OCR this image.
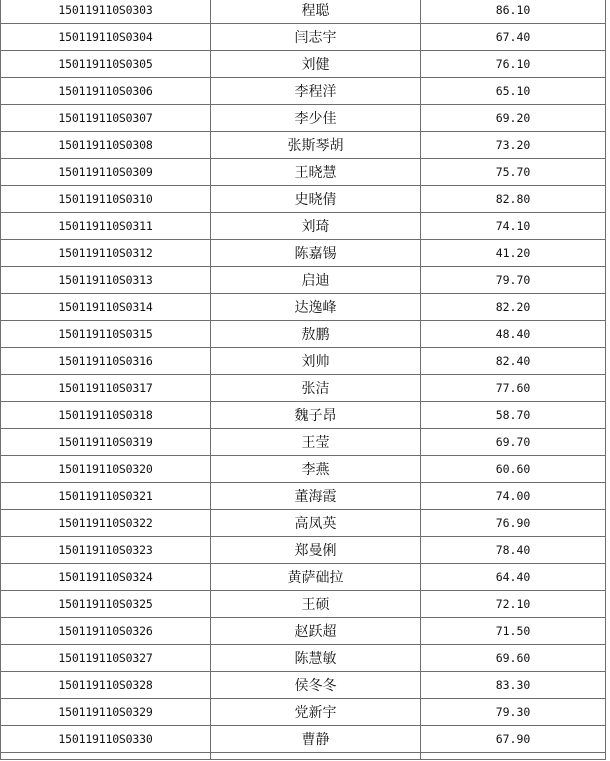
150119110S0303	程聪	86.10
150119110S0304	闫志宇	67.40
150119110S0305	刘健	76.10
150119110S0306	李程洋	65.10
150119110S0307	李少佳	69.20
150119110S0308	张斯琴胡	73.20
150119110S0309	王晓慧	75.70
150119110S0310	史晓倩	82.80
150119110S0311	刘琦	74.10
150119110S0312	陈嘉锡	41.20
150119110S0313	启迪	79.70
150119110S0314	达逸峰	82.20
150119110S0315	敖鹏	48.40
150119110S0316	刘帅	82.40
150119110S0317	张洁	77.60
150119110S0318	魏子昂	58.70
150119110S0319	王莹	69.70
150119110S0320	李燕	60.60
150119110S0321	董海霞	74.00
150119110S0322	高凤英	76.90
150119110S0323	郑曼俐	78.40
150119110S0324	黄萨础拉	64.40
150119110S0325	王硕	72.10
150119110S0326	赵跃超	71.50
150119110S0327	陈慧敏	69.60
150119110S0328	侯冬冬	83.30
150119110S0329	党新宇	79.30
150119110S0330	曹静	67.90
